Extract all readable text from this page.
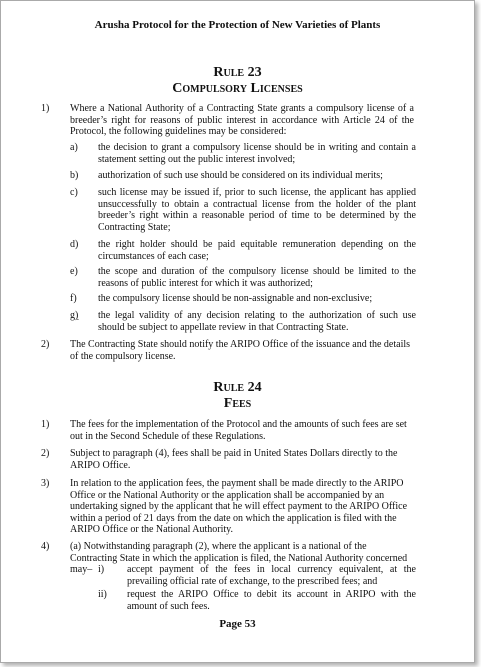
Arusha Protocol for the Protection of New Varieties of Plants
Rule 23
Compulsory Licenses
1) Where a National Authority of a Contracting State grants a compulsory license of a breeder’s right for reasons of public interest in accordance with Article 24 of the Protocol, the following guidelines may be considered:
a) the decision to grant a compulsory license should be in writing and contain a statement setting out the public interest involved;
b) authorization of such use should be considered on its individual merits;
c) such license may be issued if, prior to such license, the applicant has applied unsuccessfully to obtain a contractual license from the holder of the plant breeder’s right within a reasonable period of time to be determined by the Contracting State;
d) the right holder should be paid equitable remuneration depending on the circumstances of each case;
e) the scope and duration of the compulsory license should be limited to the reasons of public interest for which it was authorized;
f) the compulsory license should be non-assignable and non-exclusive;
g) the legal validity of any decision relating to the authorization of such use should be subject to appellate review in that Contracting State.
2) The Contracting State should notify the ARIPO Office of the issuance and the details of the compulsory license.
Rule 24
Fees
1) The fees for the implementation of the Protocol and the amounts of such fees are set out in the Second Schedule of these Regulations.
2) Subject to paragraph (4), fees shall be paid in United States Dollars directly to the ARIPO Office.
3) In relation to the application fees, the payment shall be made directly to the ARIPO Office or the National Authority or the application shall be accompanied by an undertaking signed by the applicant that he will effect payment to the ARIPO Office within a period of 21 days from the date on which the application is filed with the ARIPO Office or the National Authority.
4) (a) Notwithstanding paragraph (2), where the applicant is a national of the Contracting State in which the application is filed, the National Authority concerned may– i) accept payment of the fees in local currency equivalent, at the prevailing official rate of exchange, to the prescribed fees; and
ii) request the ARIPO Office to debit its account in ARIPO with the amount of such fees.
Page 53
